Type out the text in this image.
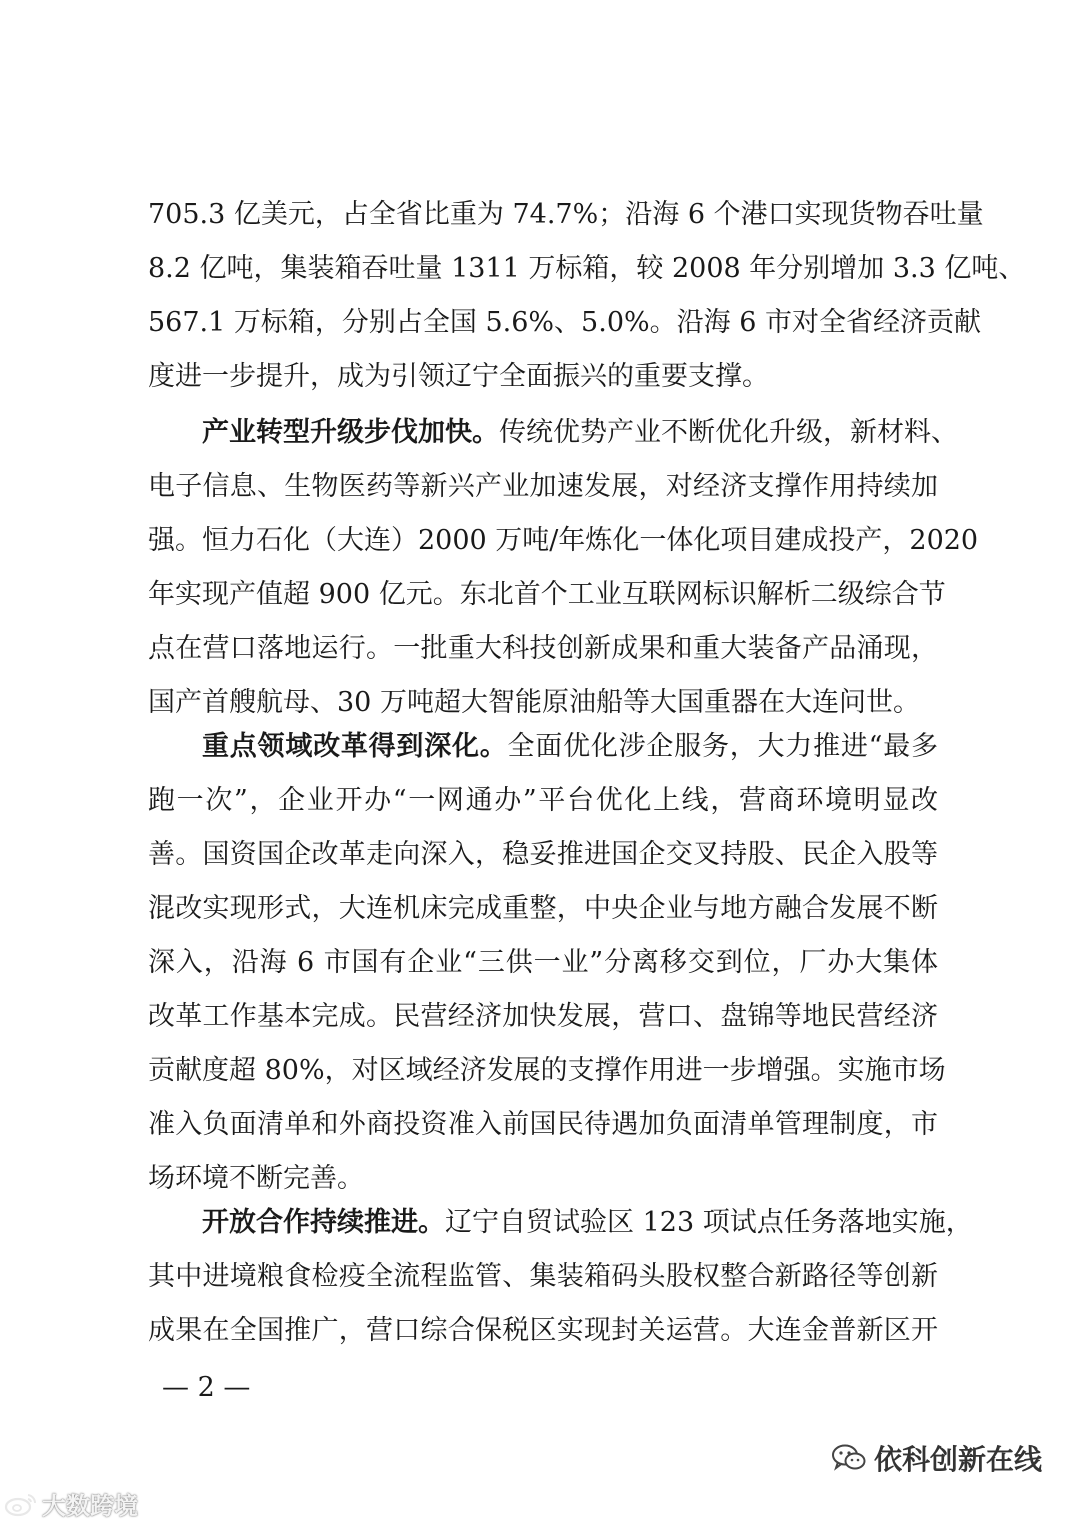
705.3 亿美元，占全省比重为 74.7%；沿海 6 个港口实现货物吞吐量
8.2 亿吨，集装箱吞吐量 1311 万标箱，较 2008 年分别增加 3.3 亿吨、
567.1 万标箱，分别占全国 5.6%、5.0%。沿海 6 市对全省经济贡献
度进一步提升，成为引领辽宁全面振兴的重要支撑。
产业转型升级步伐加快。传统优势产业不断优化升级，新材料、
电子信息、生物医药等新兴产业加速发展，对经济支撑作用持续加
强。恒力石化（大连）2000 万吨/年炼化一体化项目建成投产，2020
年实现产值超 900 亿元。东北首个工业互联网标识解析二级综合节
点在营口落地运行。一批重大科技创新成果和重大装备产品涌现，
国产首艘航母、30 万吨超大智能原油船等大国重器在大连问世。
重点领域改革得到深化。全面优化涉企服务，大力推进“最多
跑一次”，企业开办“一网通办”平台优化上线，营商环境明显改
善。国资国企改革走向深入，稳妥推进国企交叉持股、民企入股等
混改实现形式，大连机床完成重整，中央企业与地方融合发展不断
深入，沿海 6 市国有企业“三供一业”分离移交到位，厂办大集体
改革工作基本完成。民营经济加快发展，营口、盘锦等地民营经济
贡献度超 80%，对区域经济发展的支撑作用进一步增强。实施市场
准入负面清单和外商投资准入前国民待遇加负面清单管理制度，市
场环境不断完善。
开放合作持续推进。辽宁自贸试验区 123 项试点任务落地实施，
其中进境粮食检疫全流程监管、集装箱码头股权整合新路径等创新
成果在全国推广，营口综合保税区实现封关运营。大连金普新区开
— 2 —
依科创新在线
大数跨境
